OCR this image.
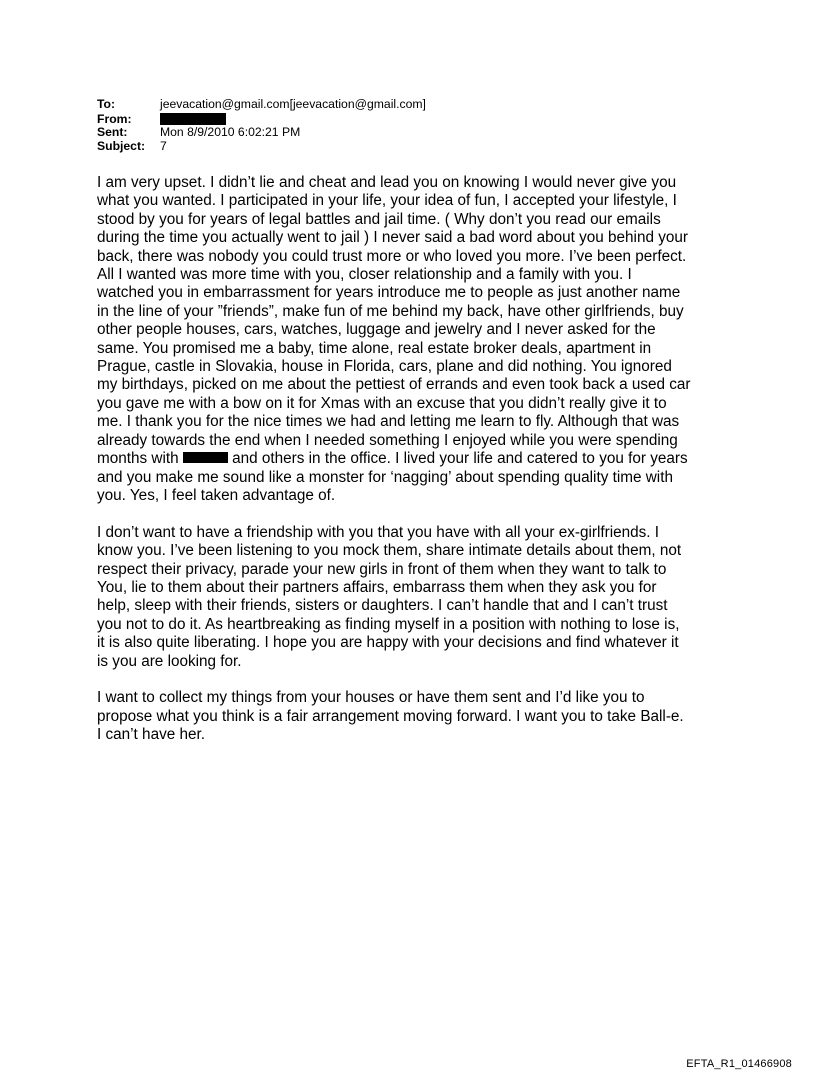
To:	jeevacation@gmail.com[jeevacation@gmail.com]
From:
Sent:	Mon 8/9/2010 6:02:21 PM
Subject:	7
I am very upset. I didn’t lie and cheat and lead you on knowing I would never give you
what you wanted. I participated in your life, your idea of fun, I accepted your lifestyle, I
stood by you for years of legal battles and jail time. ( Why don’t you read our emails
during the time you actually went to jail ) I never said a bad word about you behind your
back, there was nobody you could trust more or who loved you more. I’ve been perfect.
All I wanted was more time with you, closer relationship and a family with you. I
watched you in embarrassment for years introduce me to people as just another name
in the line of your ”friends”, make fun of me behind my back, have other girlfriends, buy
other people houses, cars, watches, luggage and jewelry and I never asked for the
same. You promised me a baby, time alone, real estate broker deals, apartment in
Prague, castle in Slovakia, house in Florida, cars, plane and did nothing. You ignored
my birthdays, picked on me about the pettiest of errands and even took back a used car
you gave me with a bow on it for Xmas with an excuse that you didn’t really give it to
me. I thank you for the nice times we had and letting me learn to fly. Although that was
already towards the end when I needed something I enjoyed while you were spending
months with	and others in the office. I lived your life and catered to you for years
and you make me sound like a monster for ‘nagging’ about spending quality time with
you. Yes, I feel taken advantage of.
I don’t want to have a friendship with you that you have with all your ex-girlfriends. I
know you. I’ve been listening to you mock them, share intimate details about them, not
respect their privacy, parade your new girls in front of them when they want to talk to
You, lie to them about their partners affairs, embarrass them when they ask you for
help, sleep with their friends, sisters or daughters. I can’t handle that and I can’t trust
you not to do it. As heartbreaking as finding myself in a position with nothing to lose is,
it is also quite liberating. I hope you are happy with your decisions and find whatever it
is you are looking for.
I want to collect my things from your houses or have them sent and I’d like you to
propose what you think is a fair arrangement moving forward. I want you to take Ball-e.
I can’t have her.
EFTA_R1_01466908
